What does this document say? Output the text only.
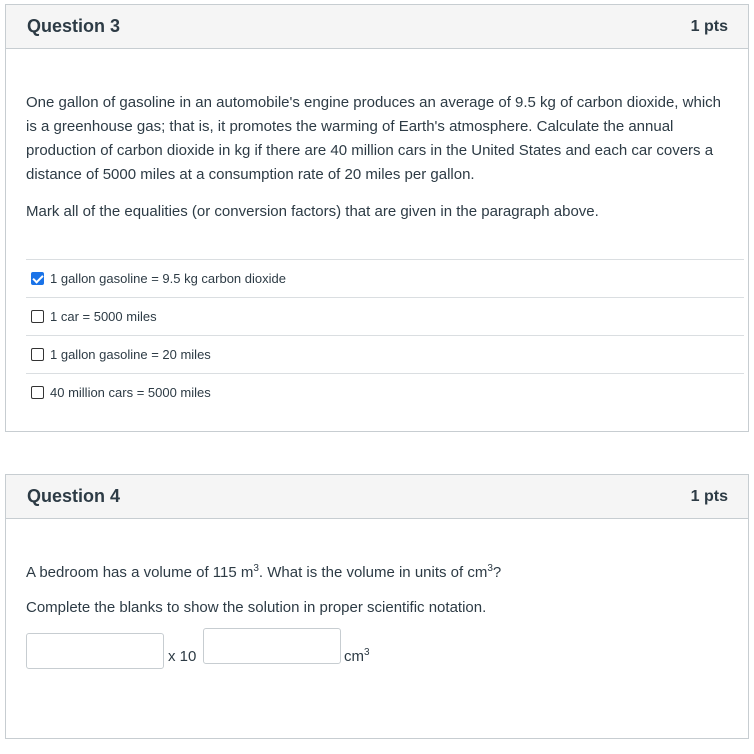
Question 3	1 pts
One gallon of gasoline in an automobile's engine produces an average of 9.5 kg of carbon dioxide, which is a greenhouse gas; that is, it promotes the warming of Earth's atmosphere. Calculate the annual production of carbon dioxide in kg if there are 40 million cars in the United States and each car covers a distance of 5000 miles at a consumption rate of 20 miles per gallon.
Mark all of the equalities (or conversion factors) that are given in the paragraph above.
1 gallon gasoline = 9.5 kg carbon dioxide
1 car = 5000 miles
1 gallon gasoline = 20 miles
40 million cars = 5000 miles
Question 4	1 pts
A bedroom has a volume of 115 $m^3$. What is the volume in units of $cm^3$?
Complete the blanks to show the solution in proper scientific notation.
x 10	$cm^3$
